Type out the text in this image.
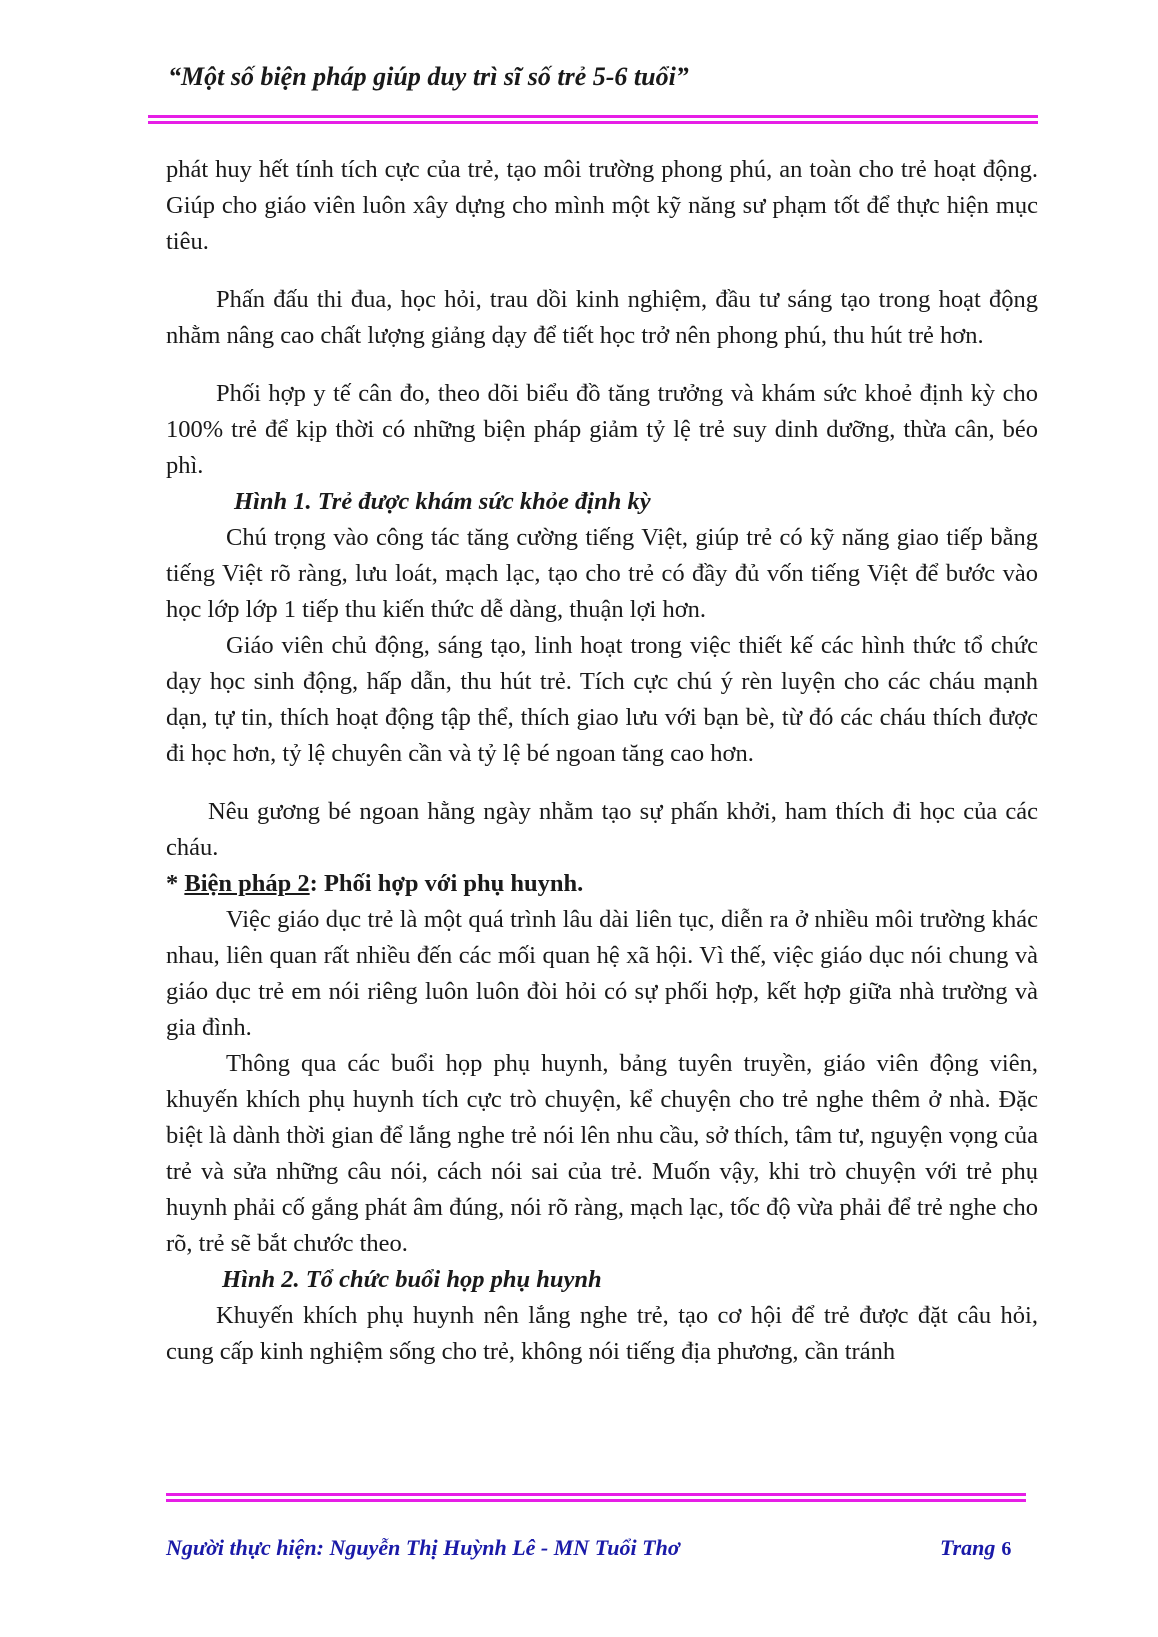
“Một số biện pháp giúp duy trì sĩ số trẻ 5-6 tuổi”

phát huy hết tính tích cực của trẻ, tạo môi trường phong phú, an toàn cho trẻ hoạt động. Giúp cho giáo viên luôn xây dựng cho mình một kỹ năng sư phạm tốt để thực hiện mục tiêu.

Phấn đấu thi đua, học hỏi, trau dồi kinh nghiệm, đầu tư sáng tạo trong hoạt động nhằm nâng cao chất lượng giảng dạy để tiết học trở nên phong phú, thu hút trẻ hơn.

Phối hợp y tế cân đo, theo dõi biểu đồ tăng trưởng và khám sức khoẻ định kỳ cho 100% trẻ để kịp thời có những biện pháp giảm tỷ lệ trẻ suy dinh dưỡng, thừa cân, béo phì.

Hình 1. Trẻ được khám sức khỏe định kỳ

Chú trọng vào công tác tăng cường tiếng Việt, giúp trẻ có kỹ năng giao tiếp bằng tiếng Việt rõ ràng, lưu loát, mạch lạc, tạo cho trẻ có đầy đủ vốn tiếng Việt để bước vào học lớp lớp 1 tiếp thu kiến thức dễ dàng, thuận lợi hơn.

Giáo viên chủ động, sáng tạo, linh hoạt trong việc thiết kế các hình thức tổ chức dạy học sinh động, hấp dẫn, thu hút trẻ. Tích cực chú ý rèn luyện cho các cháu mạnh dạn, tự tin, thích hoạt động tập thể, thích giao lưu với bạn bè, từ đó các cháu thích được đi học hơn, tỷ lệ chuyên cần và tỷ lệ bé ngoan tăng cao hơn.

Nêu gương bé ngoan hằng ngày nhằm tạo sự phấn khởi, ham thích đi học của các cháu.

* Biện pháp 2: Phối hợp với phụ huynh.

Việc giáo dục trẻ là một quá trình lâu dài liên tục, diễn ra ở nhiều môi trường khác nhau, liên quan rất nhiều đến các mối quan hệ xã hội. Vì thế, việc giáo dục nói chung và giáo dục trẻ em nói riêng luôn luôn đòi hỏi có sự phối hợp, kết hợp giữa nhà trường và gia đình.

Thông qua các buổi họp phụ huynh, bảng tuyên truyền, giáo viên động viên, khuyến khích phụ huynh tích cực trò chuyện, kể chuyện cho trẻ nghe thêm ở nhà. Đặc biệt là dành thời gian để lắng nghe trẻ nói lên nhu cầu, sở thích, tâm tư, nguyện vọng của trẻ và sửa những câu nói, cách nói sai của trẻ. Muốn vậy, khi trò chuyện với trẻ phụ huynh phải cố gắng phát âm đúng, nói rõ ràng, mạch lạc, tốc độ vừa phải để trẻ nghe cho rõ, trẻ sẽ bắt chước theo.

Hình 2. Tổ chức buổi họp phụ huynh

Khuyến khích phụ huynh nên lắng nghe trẻ, tạo cơ hội để trẻ được đặt câu hỏi, cung cấp kinh nghiệm sống cho trẻ, không nói tiếng địa phương, cần tránh

Người thực hiện: Nguyễn Thị Huỳnh Lê - MN Tuổi Thơ	Trang 6
